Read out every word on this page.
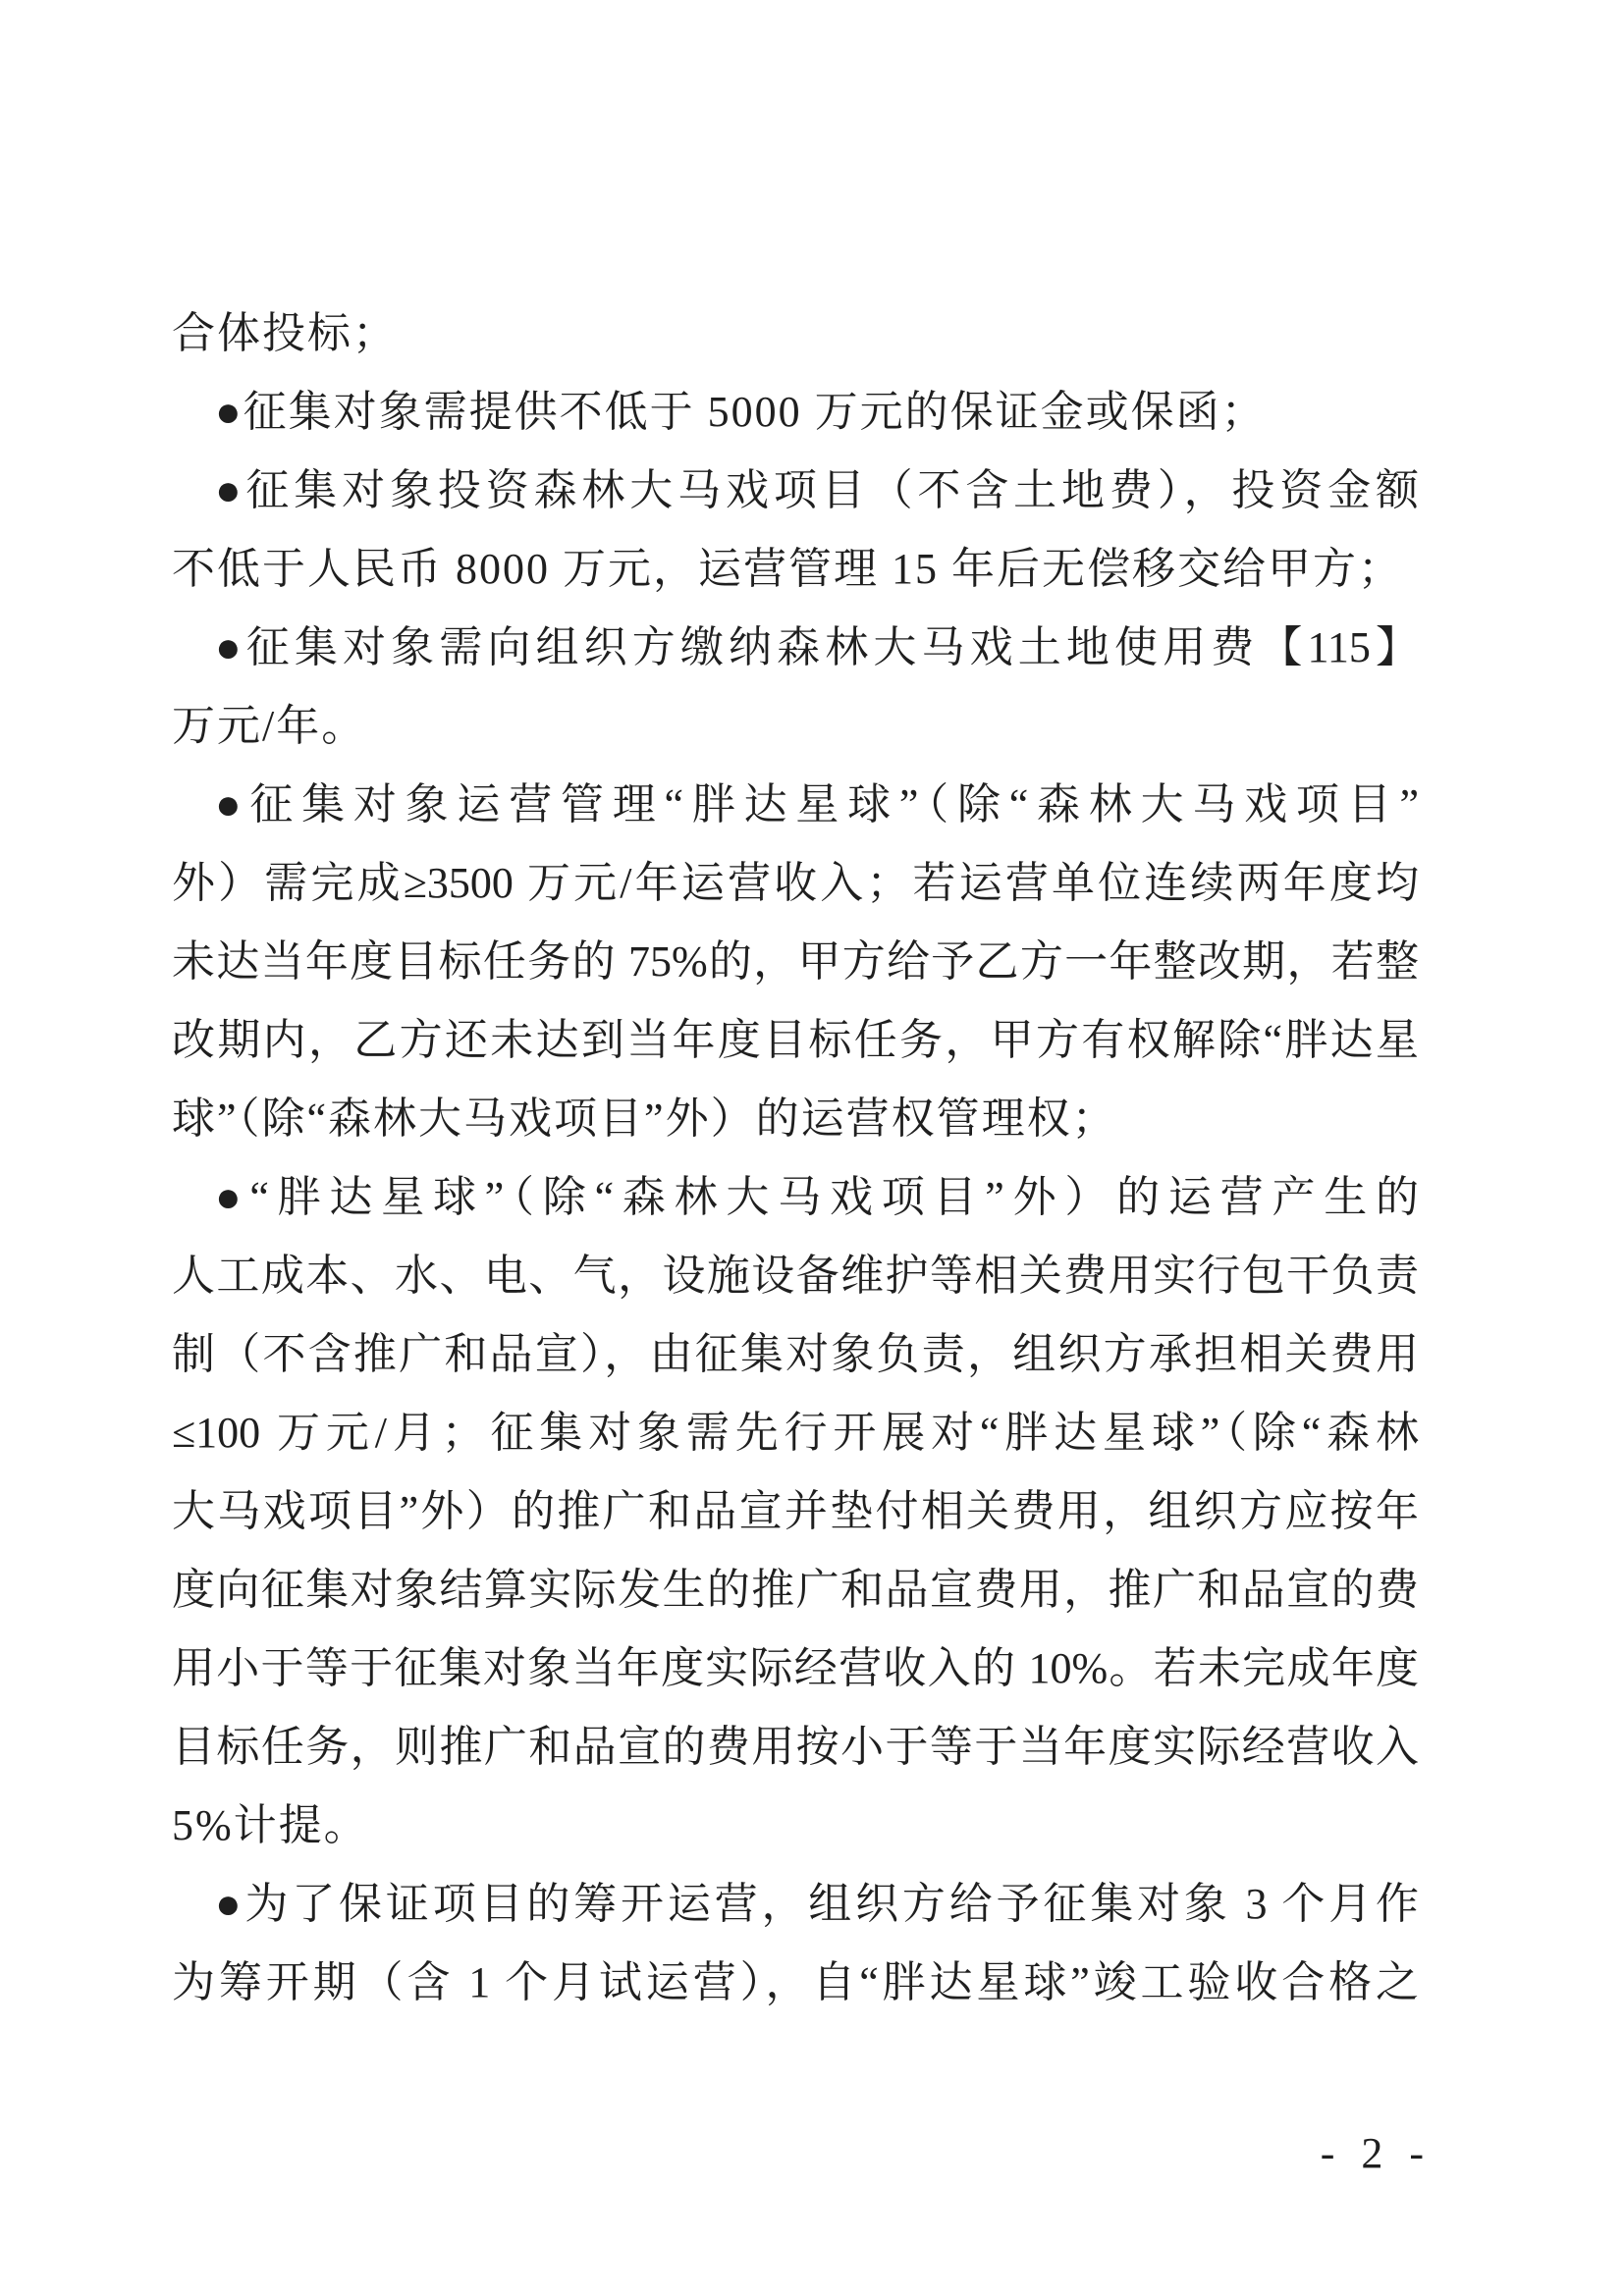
合体投标；
●征集对象需提供不低于 5000 万元的保证金或保函；
●征集对象投资森林大马戏项目（不含土地费），投资金额
不低于人民币 8000 万元，运营管理 15 年后无偿移交给甲方；
●征集对象需向组织方缴纳森林大马戏土地使用费【115】
万元/年。
●征集对象运营管理“胖达星球”（除“森林大马戏项目”
外）需完成≥3500 万元/年运营收入；若运营单位连续两年度均
未达当年度目标任务的 75%的，甲方给予乙方一年整改期，若整
改期内，乙方还未达到当年度目标任务，甲方有权解除“胖达星
球”（除“森林大马戏项目”外）的运营权管理权；
●“胖达星球”（除“森林大马戏项目”外）的运营产生的
人工成本、水、电、气，设施设备维护等相关费用实行包干负责
制（不含推广和品宣），由征集对象负责，组织方承担相关费用
≤100 万元/月；征集对象需先行开展对“胖达星球”（除“森林
大马戏项目”外）的推广和品宣并垫付相关费用，组织方应按年
度向征集对象结算实际发生的推广和品宣费用，推广和品宣的费
用小于等于征集对象当年度实际经营收入的 10%。若未完成年度
目标任务，则推广和品宣的费用按小于等于当年度实际经营收入
5%计提。
●为了保证项目的筹开运营，组织方给予征集对象 3 个月作
为筹开期（含 1 个月试运营），自“胖达星球”竣工验收合格之
- 2 -
